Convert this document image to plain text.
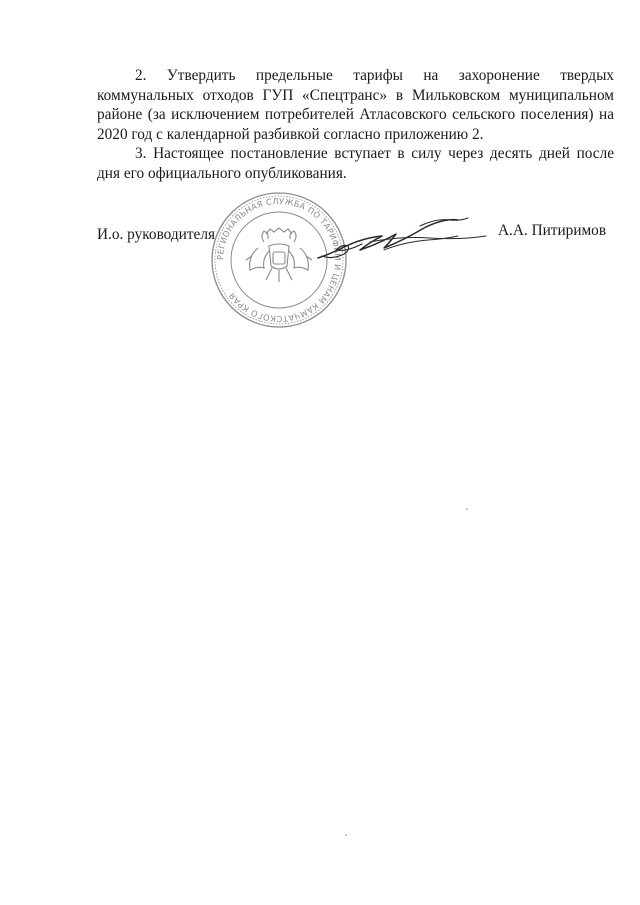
2. Утвердить предельные тарифы на захоронение твердых коммунальных отходов ГУП «Спецтранс» в Мильковском муниципальном районе (за исключением потребителей Атласовского сельского поселения) на 2020 год с календарной разбивкой согласно приложению 2.

3. Настоящее постановление вступает в силу через десять дней после дня его официального опубликования.

И.о. руководителя
РЕГИОНАЛЬНАЯ СЛУЖБА ПО ТАРИФАМ И ЦЕНАМ КАМЧАТСКОГО КРАЯ
А.А. Питиримов
